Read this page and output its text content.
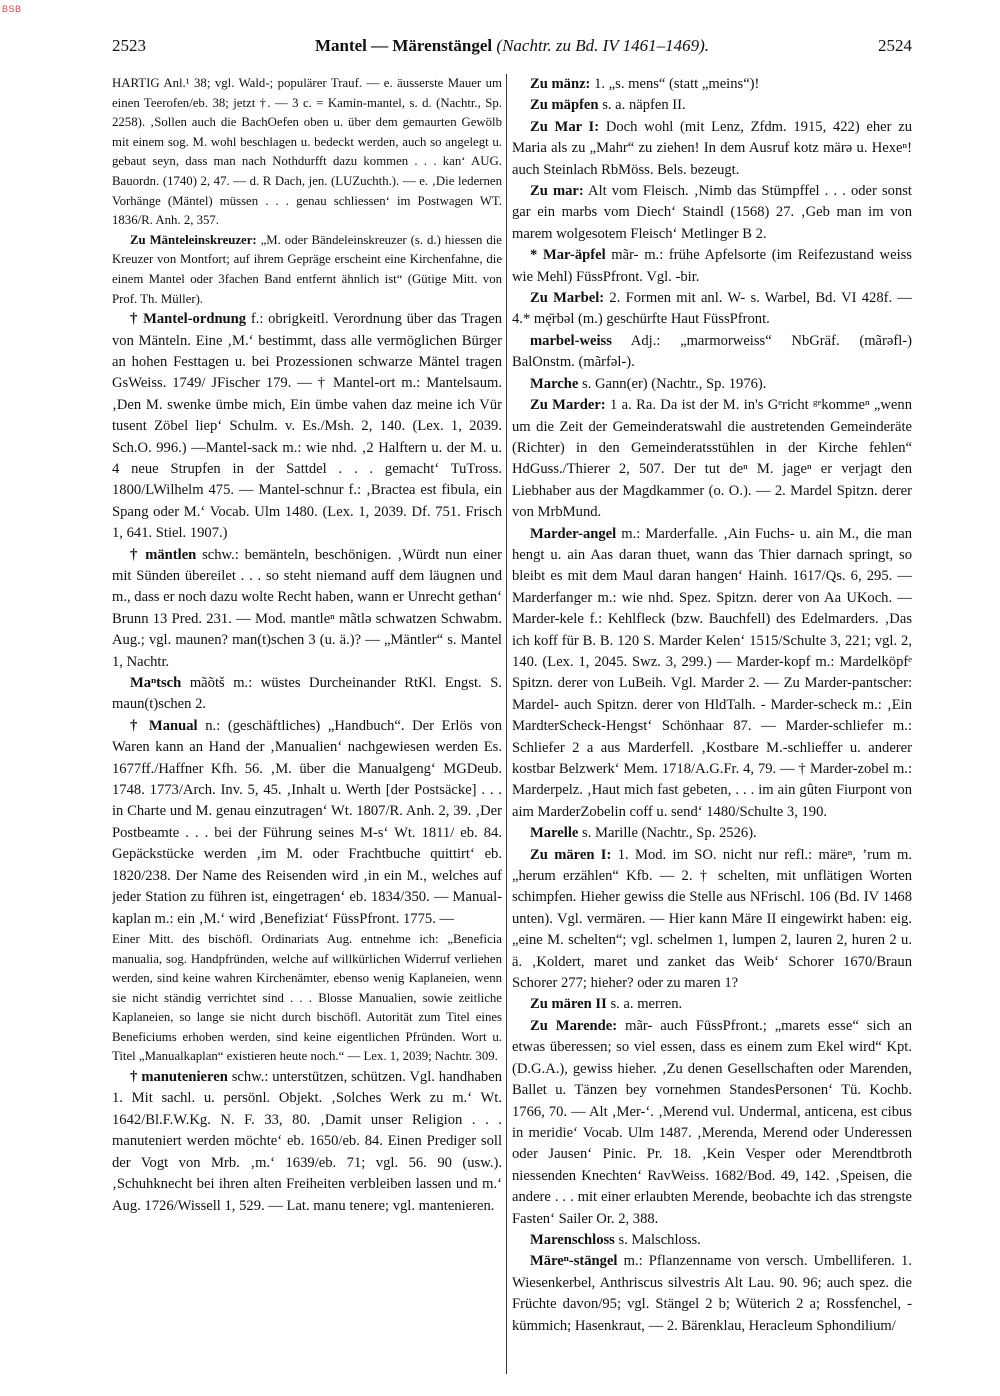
BSB
2523	Mantel — Märenstängel (Nachtr. zu Bd. IV 1461–1469).	2524

HARTIG Anl.¹ 38; vgl. Wald-; populärer Trauf. — e. äusserste Mauer um einen Teerofen/eb. 38; jetzt †. — 3 c. = Kamin-mantel, s. d. (Nachtr., Sp. 2258). ‚Sollen auch die BachOefen oben u. über dem gemaurten Gewölb mit einem sog. M. wohl beschlagen u. bedeckt werden, auch so angelegt u. gebaut seyn, dass man nach Nothdurfft dazu kommen . . . kan‘ AUG. Bauordn. (1740) 2, 47. — d. R Dach, jen. (LUZuchth.). — e. ‚Die ledernen Vorhänge (Mäntel) müssen . . . genau schliessen‘ im Postwagen WT. 1836/R. Anh. 2, 357.

Zu Mänteleinskreuzer: „M. oder Bändeleinskreuzer (s. d.) hiessen die Kreuzer von Montfort; auf ihrem Gepräge erscheint eine Kirchenfahne, die einem Mantel oder 3fachen Band entfernt ähnlich ist“ (Gütige Mitt. von Prof. Th. Müller).

† Mantel-ordnung f.: obrigkeitl. Verordnung über das Tragen von Mänteln. Eine ‚M.‘ bestimmt, dass alle vermöglichen Bürger an hohen Festtagen u. bei Prozessionen schwarze Mäntel tragen GsWeiss. 1749/ JFischer 179. — † Mantel-ort m.: Mantelsaum. ‚Den M. swenke ümbe mich, Ein ümbe vahen daz meine ich Vür tusent Zöbel liep‘ Schulm. v. Es./Msh. 2, 140. (Lex. 1, 2039. Sch.O. 996.) —Mantel-sack m.: wie nhd. ‚2 Halftern u. der M. u. 4 neue Strupfen in der Sattdel . . . gemacht‘ TuTross. 1800/LWilhelm 475. — Mantel-schnur f.: ‚Bractea est fibula, ein Spang oder M.‘ Vocab. Ulm 1480. (Lex. 1, 2039. Df. 751. Frisch 1, 641. Stiel. 1907.)

† mäntlen schw.: bemänteln, beschönigen. ‚Würdt nun einer mit Sünden übereilet . . . so steht niemand auff dem läugnen und m., dass er noch dazu wolte Recht haben, wann er Unrecht gethan‘ Brunn 13 Pred. 231. — Mod. mantleⁿ mãtlə schwatzen Schwabm. Aug.; vgl. maunen? man(t)schen 3 (u. ä.)? — „Mäntler“ s. Mantel 1, Nachtr.

Maⁿtsch mãõtš m.: wüstes Durcheinander RtKl. Engst. S. maun(t)schen 2.

† Manual n.: (geschäftliches) „Handbuch“. Der Erlös von Waren kann an Hand der ‚Manualien‘ nachgewiesen werden Es. 1677ff./Haffner Kfh. 56. ‚M. über die Manualgeng‘ MGDeub. 1748. 1773/Arch. Inv. 5, 45. ‚Inhalt u. Werth [der Postsäcke] . . . in Charte und M. genau einzutragen‘ Wt. 1807/R. Anh. 2, 39. ‚Der Postbeamte . . . bei der Führung seines M-s‘ Wt. 1811/ eb. 84. Gepäckstücke werden ‚im M. oder Frachtbuche quittirt‘ eb. 1820/238. Der Name des Reisenden wird ‚in ein M., welches auf jeder Station zu führen ist, eingetragen‘ eb. 1834/350. — Manual-kaplan m.: ein ‚M.‘ wird ‚Benefiziat‘ FüssPfront. 1775. —

Einer Mitt. des bischöfl. Ordinariats Aug. entnehme ich: „Beneficia manualia, sog. Handpfründen, welche auf willkürlichen Widerruf verliehen werden, sind keine wahren Kirchenämter, ebenso wenig Kaplaneien, wenn sie nicht ständig verrichtet sind . . . Blosse Manualien, sowie zeitliche Kaplaneien, so lange sie nicht durch bischöfl. Autorität zum Titel eines Beneficiums erhoben werden, sind keine eigentlichen Pfründen. Wort u. Titel „Manualkaplan“ existieren heute noch.“ — Lex. 1, 2039; Nachtr. 309.

† manutenieren schw.: unterstützen, schützen. Vgl. handhaben 1. Mit sachl. u. persönl. Objekt. ‚Solches Werk zu m.‘ Wt. 1642/Bl.F.W.Kg. N. F. 33, 80. ‚Damit unser Religion . . . manuteniert werden möchte‘ eb. 1650/eb. 84. Einen Prediger soll der Vogt von Mrb. ‚m.‘ 1639/eb. 71; vgl. 56. 90 (usw.). ‚Schuhknecht bei ihren alten Freiheiten verbleiben lassen und m.‘ Aug. 1726/Wissell 1, 529. — Lat. manu tenere; vgl. mantenieren.

Zu mänz: 1. „s. mens“ (statt „meins“)!

Zu mäpfen s. a. näpfen II.

Zu Mar I: Doch wohl (mit Lenz, Zfdm. 1915, 422) eher zu Maria als zu „Mahr“ zu ziehen! In dem Ausruf kotz märə u. Hexeⁿ! auch Steinlach RbMöss. Bels. bezeugt.

Zu mar: Alt vom Fleisch. ‚Nimb das Stümpffel . . . oder sonst gar ein marbs vom Diech‘ Staindl (1568) 27. ‚Geb man im von marem wolgesotem Fleisch‘ Metlinger B 2.

* Mar-äpfel mãr- m.: frühe Apfelsorte (im Reifezustand weiss wie Mehl) FüssPfront. Vgl. -bir.

Zu Marbel: 2. Formen mit anl. W- s. Warbel, Bd. VI 428f. — 4.* mę̄rbəl (m.) geschürfte Haut FüssPfront.

marbel-weiss Adj.: „marmorweiss“ NbGräf. (mãrəfl-) BalOnstm. (mãrfəl-).

Marche s. Gann(er) (Nachtr., Sp. 1976).

Zu Marder: 1 a. Ra. Da ist der M. in's Gᵉricht ᵍᵉkommeⁿ „wenn um die Zeit der Gemeinderatswahl die austretenden Gemeinderäte (Richter) in den Gemeinderatsstühlen in der Kirche fehlen“ HdGuss./Thierer 2, 507. Der tut deⁿ M. jageⁿ er verjagt den Liebhaber aus der Magdkammer (o. O.). — 2. Mardel Spitzn. derer von MrbMund.

Marder-angel m.: Marderfalle. ‚Ain Fuchs- u. ain M., die man hengt u. ain Aas daran thuet, wann das Thier darnach springt, so bleibt es mit dem Maul daran hangen‘ Hainh. 1617/Qs. 6, 295. — Marderfanger m.: wie nhd. Spez. Spitzn. derer von Aa UKoch. — Marder-kele f.: Kehlfleck (bzw. Bauchfell) des Edelmarders. ‚Das ich koff für B. B. 120 S. Marder Kelen‘ 1515/Schulte 3, 221; vgl. 2, 140. (Lex. 1, 2045. Swz. 3, 299.) — Marder-kopf m.: Mardelköpfᵉ Spitzn. derer von LuBeih. Vgl. Marder 2. — Zu Marder-pantscher: Mardel- auch Spitzn. derer von HldTalh. - Marder-scheck m.: ‚Ein MardterScheck-Hengst‘ Schönhaar 87. — Marder-schliefer m.: Schliefer 2 a aus Marderfell. ‚Kostbare M.-schlieffer u. anderer kostbar Belzwerk‘ Mem. 1718/A.G.Fr. 4, 79. — † Marder-zobel m.: Marderpelz. ‚Haut mich fast gebeten, . . . im ain gûten Fiurpont von aim MarderZobelin coff u. send‘ 1480/Schulte 3, 190.

Marelle s. Marille (Nachtr., Sp. 2526).

Zu mären I: 1. Mod. im SO. nicht nur refl.: märeⁿ, ’rum m. „herum erzählen“ Kfb. — 2. † schelten, mit unflätigen Worten schimpfen. Hieher gewiss die Stelle aus NFrischl. 106 (Bd. IV 1468 unten). Vgl. vermären. — Hier kann Märe II eingewirkt haben: eig. „eine M. schelten“; vgl. schelmen 1, lumpen 2, lauren 2, huren 2 u. ä. ‚Koldert, maret und zanket das Weib‘ Schorer 1670/Braun Schorer 277; hieher? oder zu maren 1?

Zu mären II s. a. merren.

Zu Marende: mãr- auch FüssPfront.; „marets esse“ sich an etwas überessen; so viel essen, dass es einem zum Ekel wird“ Kpt. (D.G.A.), gewiss hieher. ‚Zu denen Gesellschaften oder Marenden, Ballet u. Tänzen bey vornehmen StandesPersonen‘ Tü. Kochb. 1766, 70. — Alt ‚Mer-‘. ‚Merend vul. Undermal, anticena, est cibus in meridie‘ Vocab. Ulm 1487. ‚Merenda, Merend oder Underessen oder Jausen‘ Pinic. Pr. 18. ‚Kein Vesper oder Merendtbroth niessenden Knechten‘ RavWeiss. 1682/Bod. 49, 142. ‚Speisen, die andere . . . mit einer erlaubten Merende, beobachte ich das strengste Fasten‘ Sailer Or. 2, 388.

Marenschloss s. Malschloss.

Märeⁿ-stängel m.: Pflanzenname von versch. Umbelliferen. 1. Wiesenkerbel, Anthriscus silvestris Alt Lau. 90. 96; auch spez. die Früchte davon/95; vgl. Stängel 2 b; Wüterich 2 a; Rossfenchel, -kümmich; Hasenkraut, — 2. Bärenklau, Heracleum Sphondilium/
